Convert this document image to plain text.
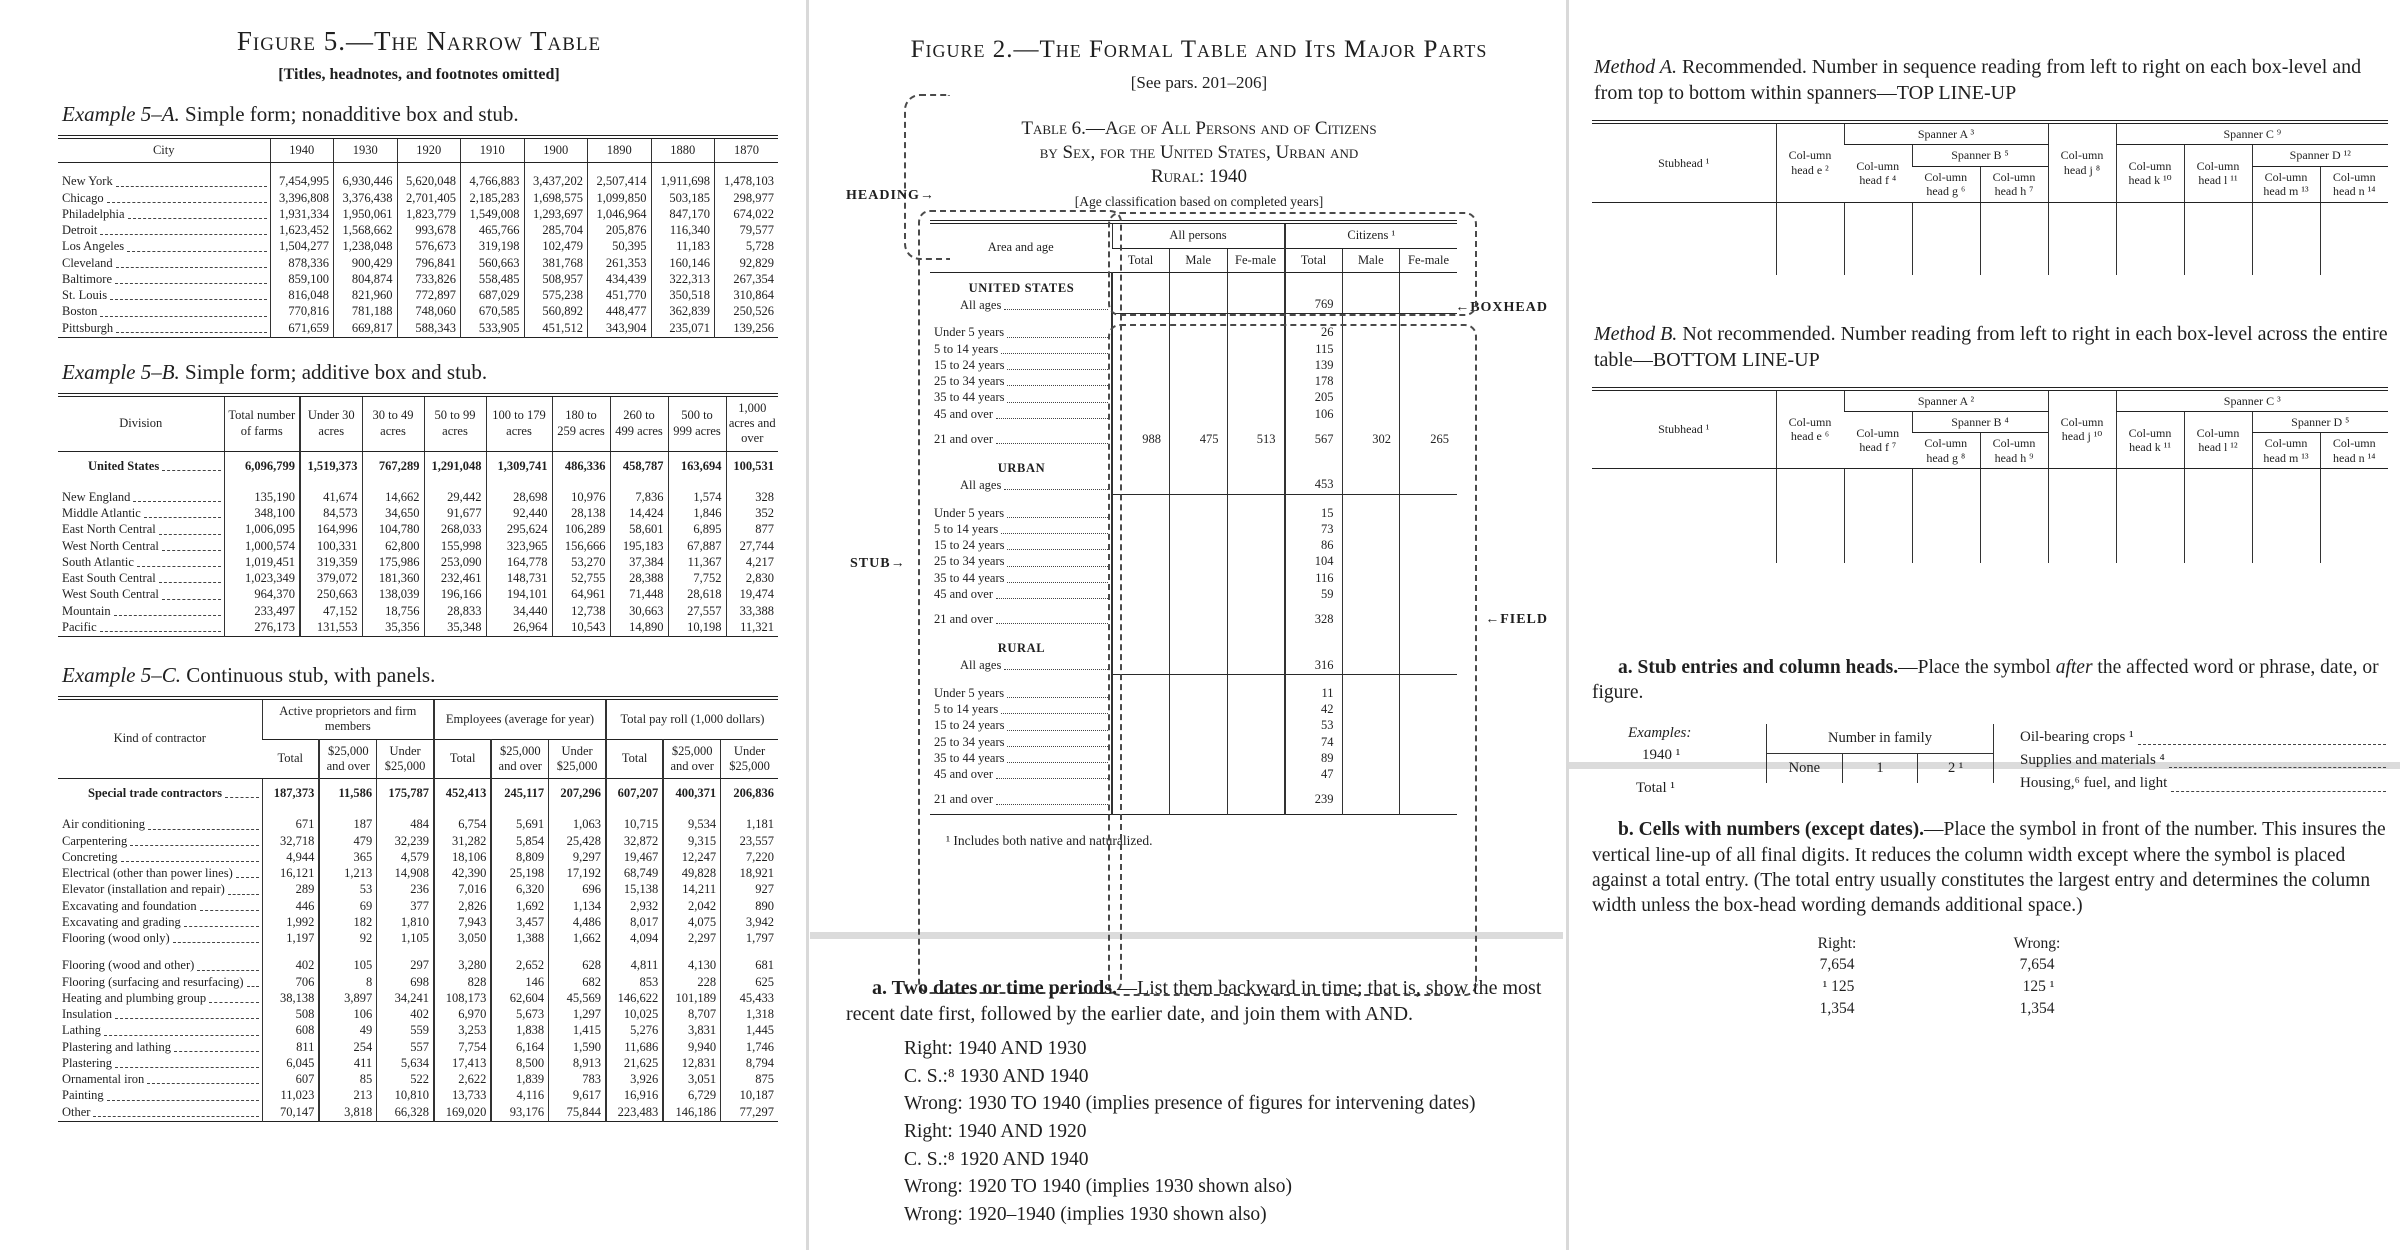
Figure 5.—The Narrow Table
[Titles, headnotes, and footnotes omitted]
Example 5–A. Simple form; nonadditive box and stub.
City	1940	1930	1920	1910	1900	1890	1880	1870

New York	7,454,995	6,930,446	5,620,048	4,766,883	3,437,202	2,507,414	1,911,698	1,478,103

Chicago	3,396,808	3,376,438	2,701,405	2,185,283	1,698,575	1,099,850	503,185	298,977

Philadelphia	1,931,334	1,950,061	1,823,779	1,549,008	1,293,697	1,046,964	847,170	674,022

Detroit	1,623,452	1,568,662	993,678	465,766	285,704	205,876	116,340	79,577

Los Angeles	1,504,277	1,238,048	576,673	319,198	102,479	50,395	11,183	5,728

Cleveland	878,336	900,429	796,841	560,663	381,768	261,353	160,146	92,829

Baltimore	859,100	804,874	733,826	558,485	508,957	434,439	322,313	267,354

St. Louis	816,048	821,960	772,897	687,029	575,238	451,770	350,518	310,864

Boston	770,816	781,188	748,060	670,585	560,892	448,477	362,839	250,526

Pittsburgh	671,659	669,817	588,343	533,905	451,512	343,904	235,071	139,256
Example 5–B. Simple form; additive box and stub.
Division	Total number of farms	Under 30 acres	30 to 49 acres	50 to 99 acres	100 to 179 acres	180 to 259 acres	260 to 499 acres	500 to 999 acres	1,000 acres and over

United States	6,096,799	1,519,373	767,289	1,291,048	1,309,741	486,336	458,787	163,694	100,531

New England	135,190	41,674	14,662	29,442	28,698	10,976	7,836	1,574	328

Middle Atlantic	348,100	84,573	34,650	91,677	92,440	28,138	14,424	1,846	352

East North Central	1,006,095	164,996	104,780	268,033	295,624	106,289	58,601	6,895	877

West North Central	1,000,574	100,331	62,800	155,998	323,965	156,666	195,183	67,887	27,744

South Atlantic	1,019,451	319,359	175,986	253,090	164,778	53,270	37,384	11,367	4,217

East South Central	1,023,349	379,072	181,360	232,461	148,731	52,755	28,388	7,752	2,830

West South Central	964,370	250,663	138,039	196,166	194,101	64,961	71,448	28,618	19,474

Mountain	233,497	47,152	18,756	28,833	34,440	12,738	30,663	27,557	33,388

Pacific	276,173	131,553	35,356	35,348	26,964	10,543	14,890	10,198	11,321
Example 5–C. Continuous stub, with panels.
Kind of contractor	Active proprietors and firm members			Employees (average for year)			Total pay roll (1,000 dollars)		
	Total	$25,000 and over	Under $25,000	Total	$25,000 and over	Under $25,000	Total	$25,000 and over	Under $25,000

Special trade contractors	187,373	11,586	175,787	452,413	245,117	207,296	607,207	400,371	206,836

Air conditioning	671	187	484	6,754	5,691	1,063	10,715	9,534	1,181

Carpentering	32,718	479	32,239	31,282	5,854	25,428	32,872	9,315	23,557

Concreting	4,944	365	4,579	18,106	8,809	9,297	19,467	12,247	7,220

Electrical (other than power lines)	16,121	1,213	14,908	42,390	25,198	17,192	68,749	49,828	18,921

Elevator (installation and repair)	289	53	236	7,016	6,320	696	15,138	14,211	927

Excavating and foundation	446	69	377	2,826	1,692	1,134	2,932	2,042	890

Excavating and grading	1,992	182	1,810	7,943	3,457	4,486	8,017	4,075	3,942

Flooring (wood only)	1,197	92	1,105	3,050	1,388	1,662	4,094	2,297	1,797

Flooring (wood and other)	402	105	297	3,280	2,652	628	4,811	4,130	681

Flooring (surfacing and resurfacing)	706	8	698	828	146	682	853	228	625

Heating and plumbing group	38,138	3,897	34,241	108,173	62,604	45,569	146,622	101,189	45,433

Insulation	508	106	402	6,970	5,673	1,297	10,025	8,707	1,318

Lathing	608	49	559	3,253	1,838	1,415	5,276	3,831	1,445

Plastering and lathing	811	254	557	7,754	6,164	1,590	11,686	9,940	1,746

Plastering	6,045	411	5,634	17,413	8,500	8,913	21,625	12,831	8,794

Ornamental iron	607	85	522	2,622	1,839	783	3,926	3,051	875

Painting	11,023	213	10,810	13,733	4,116	9,617	16,916	6,729	10,187

Other	70,147	3,818	66,328	169,020	93,176	75,844	223,483	146,186	77,297
Figure 2.—The Formal Table and Its Major Parts
[See pars. 201–206]
Table 6.—Age of All Persons and of Citizens
by Sex, for the United States, Urban and
Rural: 1940
[Age classification based on completed years]
HEADING→
←BOXHEAD
STUB→
←FIELD
Area and age	All persons			Citizens ¹		
	Total	Male	Fe-male	Total	Male	Fe-male
UNITED STATES						

All ages				769		

Under 5 years				26		

5 to 14 years				115		

15 to 24 years				139		

25 to 34 years				178		

35 to 44 years				205		

45 and over				106		

21 and over	988	475	513	567	302	265
URBAN						

All ages				453		

Under 5 years				15		

5 to 14 years				73		

15 to 24 years				86		

25 to 34 years				104		

35 to 44 years				116		

45 and over				59		

21 and over				328		
RURAL						

All ages				316		

Under 5 years				11		

5 to 14 years				42		

15 to 24 years				53		

25 to 34 years				74		

35 to 44 years				89		

45 and over				47		

21 and over				239		
¹ Includes both native and naturalized.
a. Two dates or time periods.—List them backward in time; that is, show the most recent date first, followed by the earlier date, and join them with AND.
Right: 1940 AND 1930
C. S.:⁸ 1930 AND 1940
Wrong: 1930 TO 1940 (implies presence of figures for intervening dates)
Right: 1940 AND 1920
C. S.:⁸ 1920 AND 1940
Wrong: 1920 TO 1940 (implies 1930 shown also)
Wrong: 1920–1940 (implies 1930 shown also)

Method A. Recommended. Number in sequence reading from left to right on each box-level and from top to bottom within spanners—TOP LINE-UP

Stubhead ¹	Col-umn head e ²	Spanner A ³			Col-umn head j ⁸	Spanner C ⁹			
		Col-umn head f ⁴	Spanner B ⁵			Col-umn head k ¹⁰	Col-umn head l ¹¹	Spanner D ¹²	
			Col-umn head g ⁶	Col-umn head h ⁷				Col-umn head m ¹³	Col-umn head n ¹⁴

Method B. Not recommended. Number reading from left to right in each box-level across the entire table—BOTTOM LINE-UP

Stubhead ¹	Col-umn head e ⁶	Spanner A ²			Col-umn head j ¹⁰	Spanner C ³			
		Col-umn head f ⁷	Spanner B ⁴			Col-umn head k ¹¹	Col-umn head l ¹²	Spanner D ⁵	
			Col-umn head g ⁸	Col-umn head h ⁹				Col-umn head m ¹³	Col-umn head n ¹⁴

a. Stub entries and column heads.—Place the symbol after the affected word or phrase, date, or figure.
Examples:
1940 ¹
Total ¹
Number in family
None	1	2 ¹
Oil-bearing crops ¹
Supplies and materials ⁴
Housing,⁶ fuel, and light
b. Cells with numbers (except dates).—Place the symbol in front of the number. This insures the vertical line-up of all final digits. It reduces the column width except where the symbol is placed against a total entry. (The total entry usually constitutes the largest entry and determines the column width unless the box-head wording demands additional space.)
Right:
7,654
¹ 125
1,354
Wrong:
7,654
125 ¹
1,354
